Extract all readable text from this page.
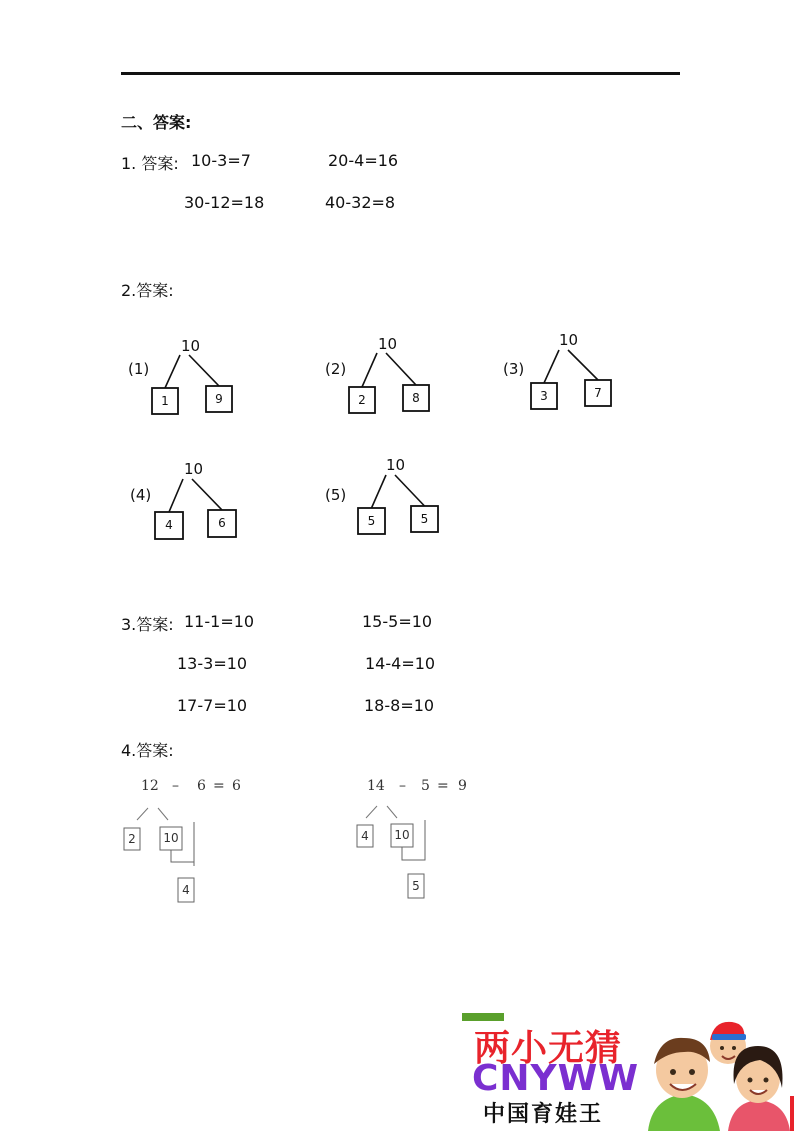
二、答案:
1. 答案: 10-3=7	20-4=16
30-12=18	40-32=8
2.答案:
(1)
10
1	9
(2)
10
2	8
(3)
10
3	7
(4)
10
4	6
(5)
10
5	5
3.答案: 11-1=10	15-5=10
13-3=10	14-4=10
17-7=10	18-8=10
4.答案:
12 – 6 = 6
2	10
4
14 – 5 = 9
4	10
5
两小无猜
CNYWW
中国育娃王
